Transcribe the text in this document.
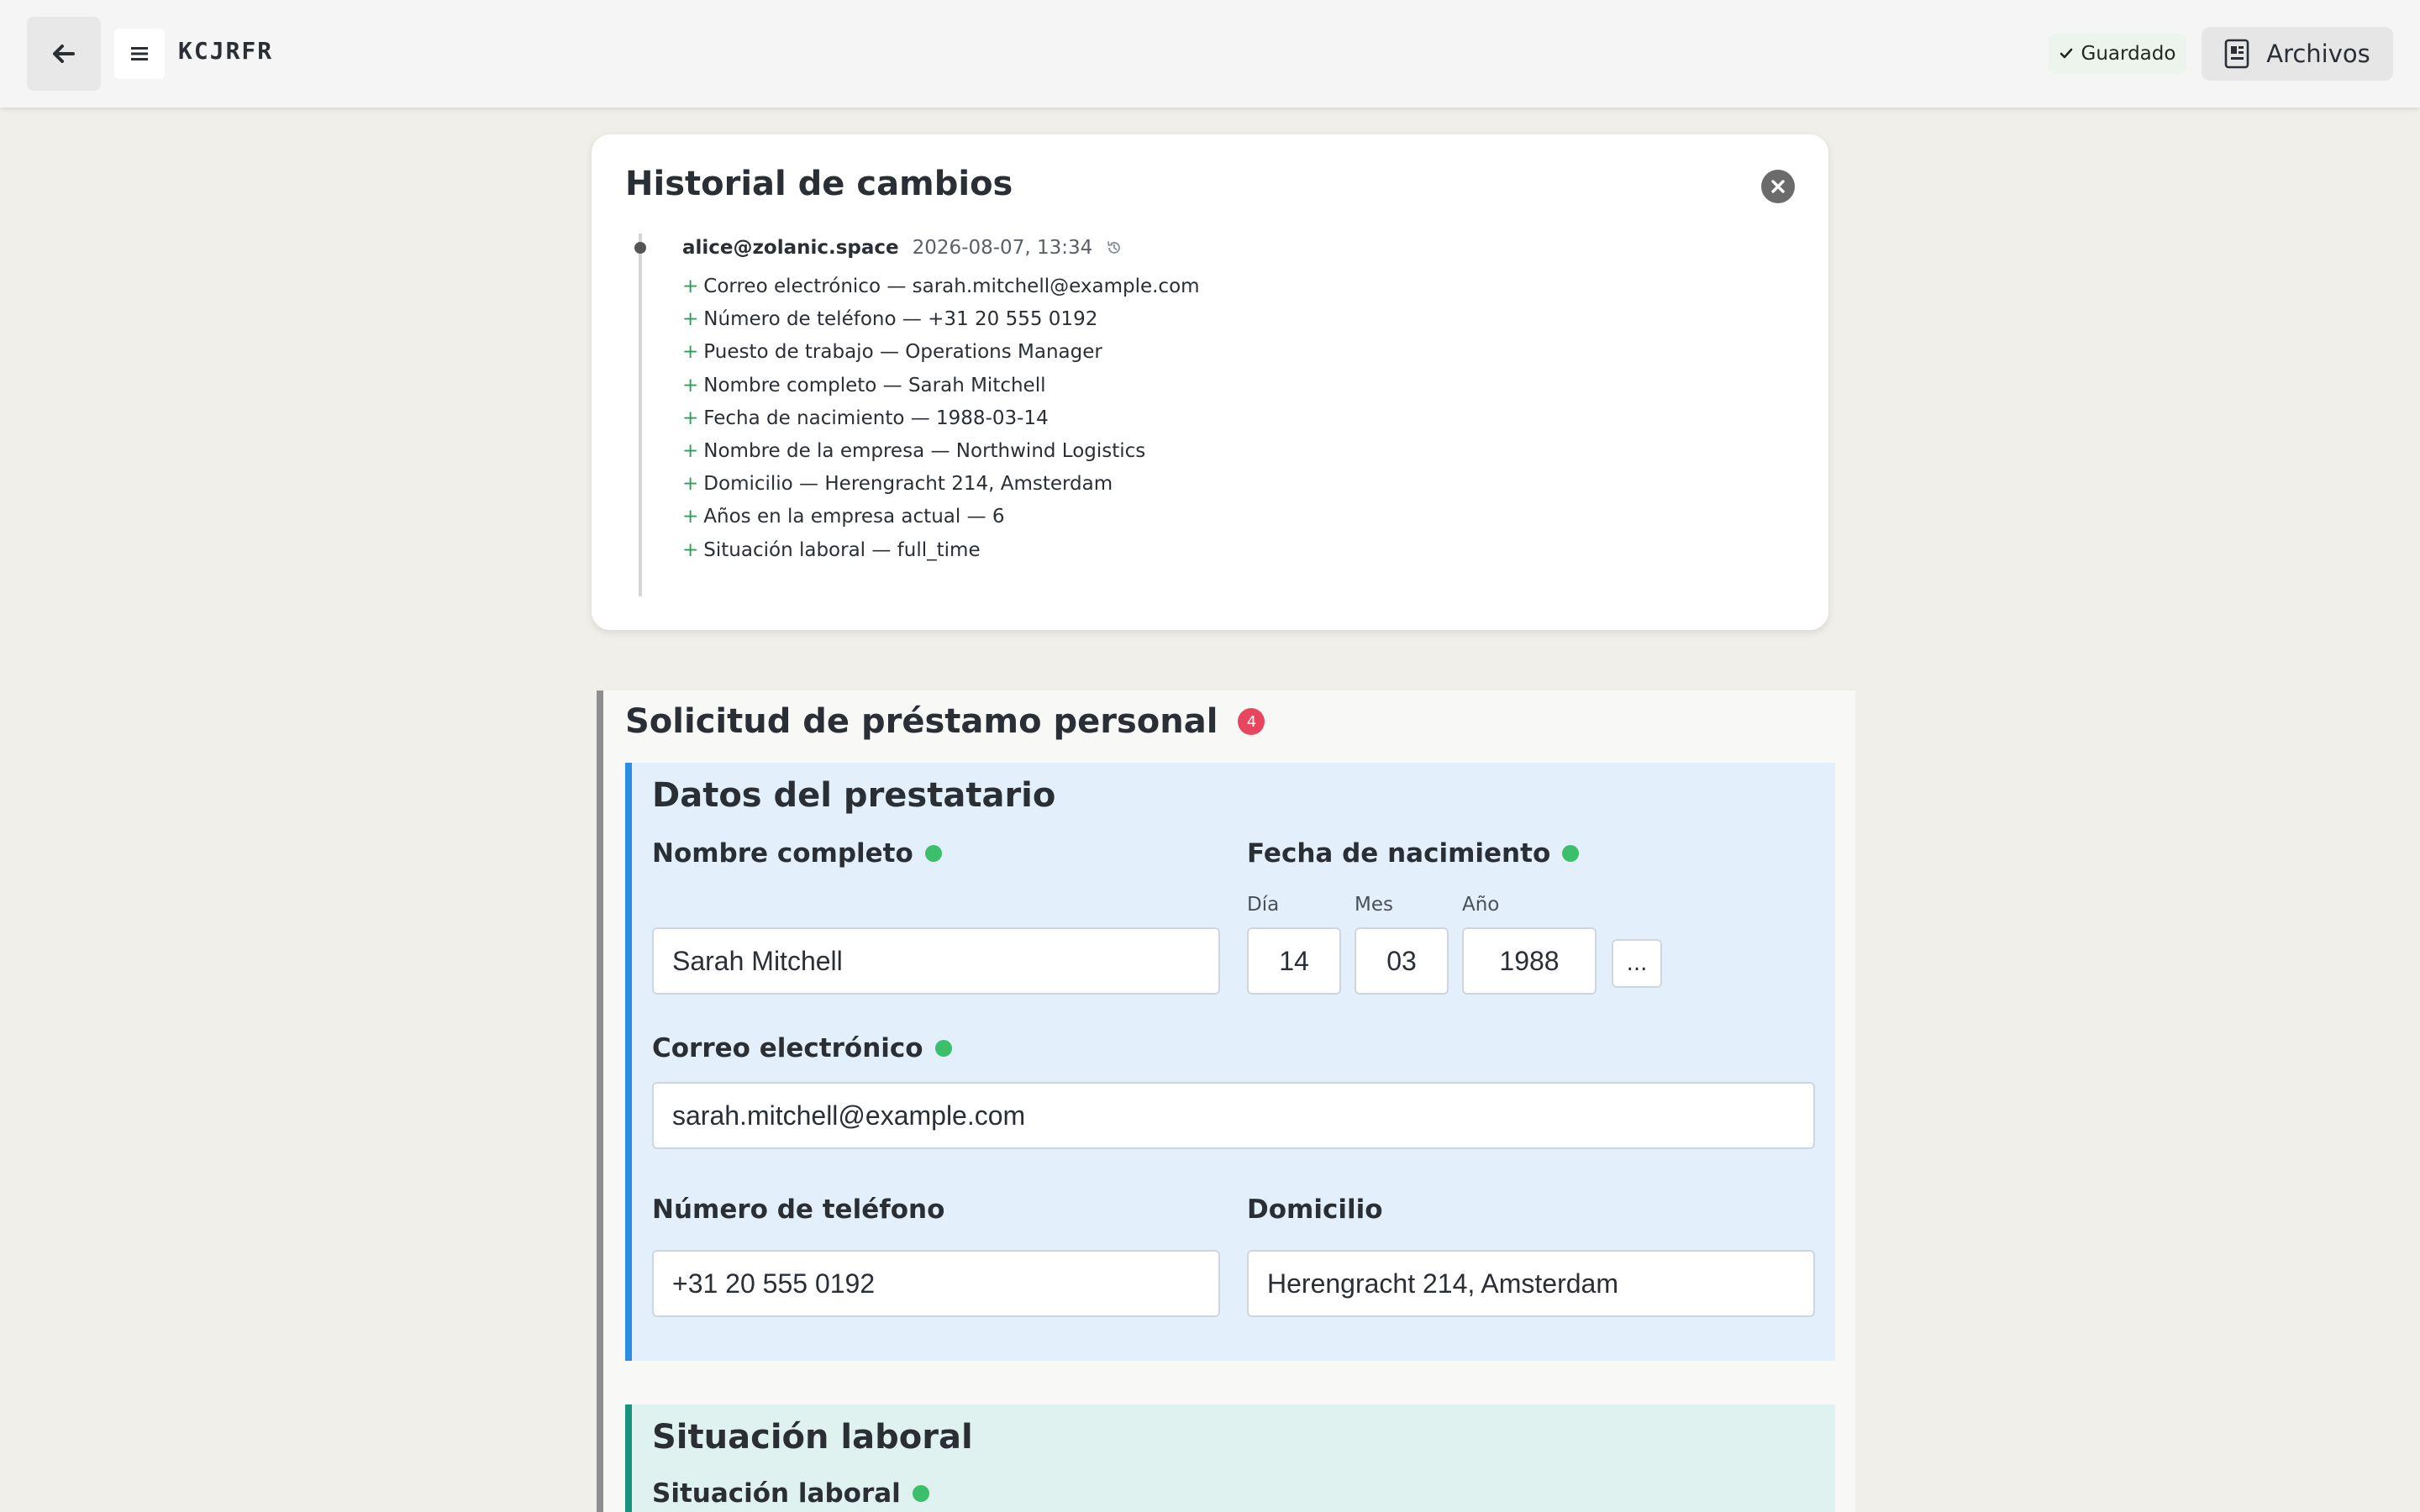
KCJRFR	Guardado	Archivos
Historial de cambios
alice@zolanic.space 2026-08-07, 13:34
+ Correo electrónico — sarah.mitchell@example.com
+ Número de teléfono — +31 20 555 0192
+ Puesto de trabajo — Operations Manager
+ Nombre completo — Sarah Mitchell
+ Fecha de nacimiento — 1988-03-14
+ Nombre de la empresa — Northwind Logistics
+ Domicilio — Herengracht 214, Amsterdam
+ Años en la empresa actual — 6
+ Situación laboral — full_time
Solicitud de préstamo personal	4
Datos del prestatario
Nombre completo
Sarah Mitchell
Fecha de nacimiento
Día	Mes	Año
14	03	1988	...
Correo electrónico
sarah.mitchell@example.com
Número de teléfono
+31 20 555 0192
Domicilio
Herengracht 214, Amsterdam
Situación laboral
Situación laboral
